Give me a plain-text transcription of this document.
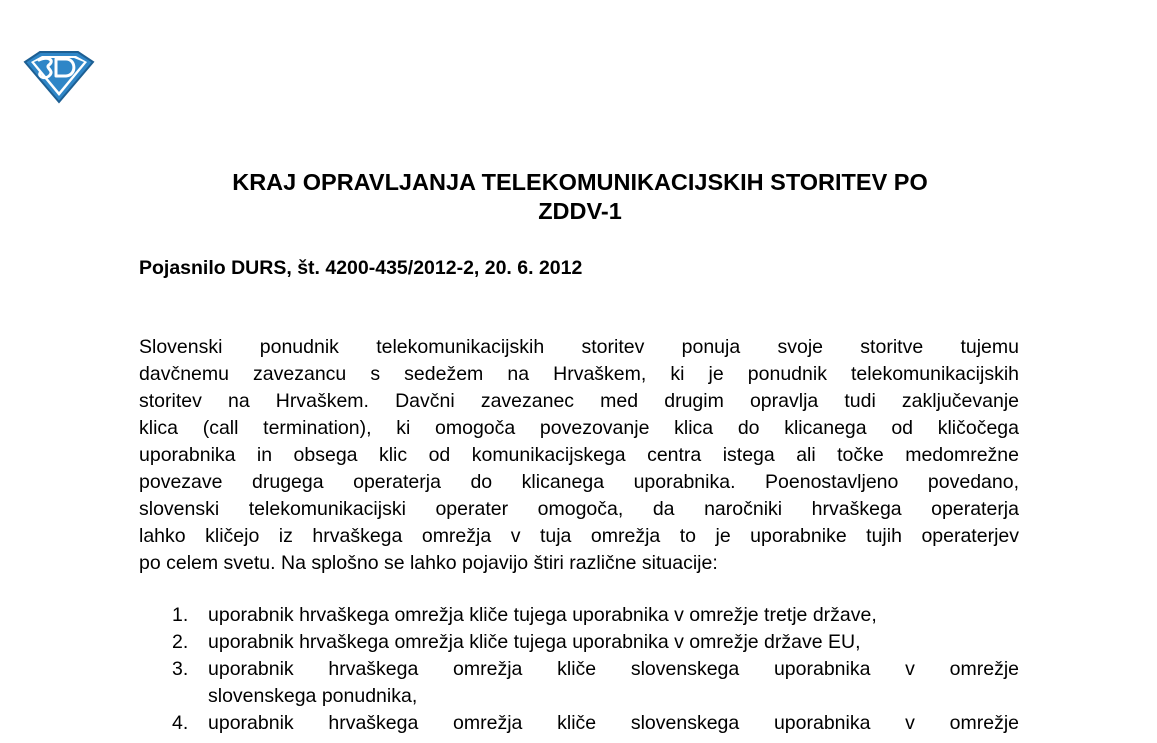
KRAJ OPRAVLJANJA TELEKOMUNIKACIJSKIH STORITEV PO
ZDDV-1

Pojasnilo DURS, št. 4200-435/2012-2, 20. 6. 2012

Slovenski ponudnik telekomunikacijskih storitev ponuja svoje storitve tujemu
davčnemu zavezancu s sedežem na Hrvaškem, ki je ponudnik telekomunikacijskih
storitev na Hrvaškem. Davčni zavezanec med drugim opravlja tudi zaključevanje
klica (call termination), ki omogoča povezovanje klica do klicanega od kličočega
uporabnika in obsega klic od komunikacijskega centra istega ali točke medomrežne
povezave drugega operaterja do klicanega uporabnika. Poenostavljeno povedano,
slovenski telekomunikacijski operater omogoča, da naročniki hrvaškega operaterja
lahko kličejo iz hrvaškega omrežja v tuja omrežja to je uporabnike tujih operaterjev
po celem svetu. Na splošno se lahko pojavijo štiri različne situacije:
1.	uporabnik hrvaškega omrežja kliče tujega uporabnika v omrežje tretje države,
2.	uporabnik hrvaškega omrežja kliče tujega uporabnika v omrežje države EU,
3.	uporabnik hrvaškega omrežja kliče slovenskega uporabnika v omrežje
slovenskega ponudnika,
4.	uporabnik hrvaškega omrežja kliče slovenskega uporabnika v omrežje
